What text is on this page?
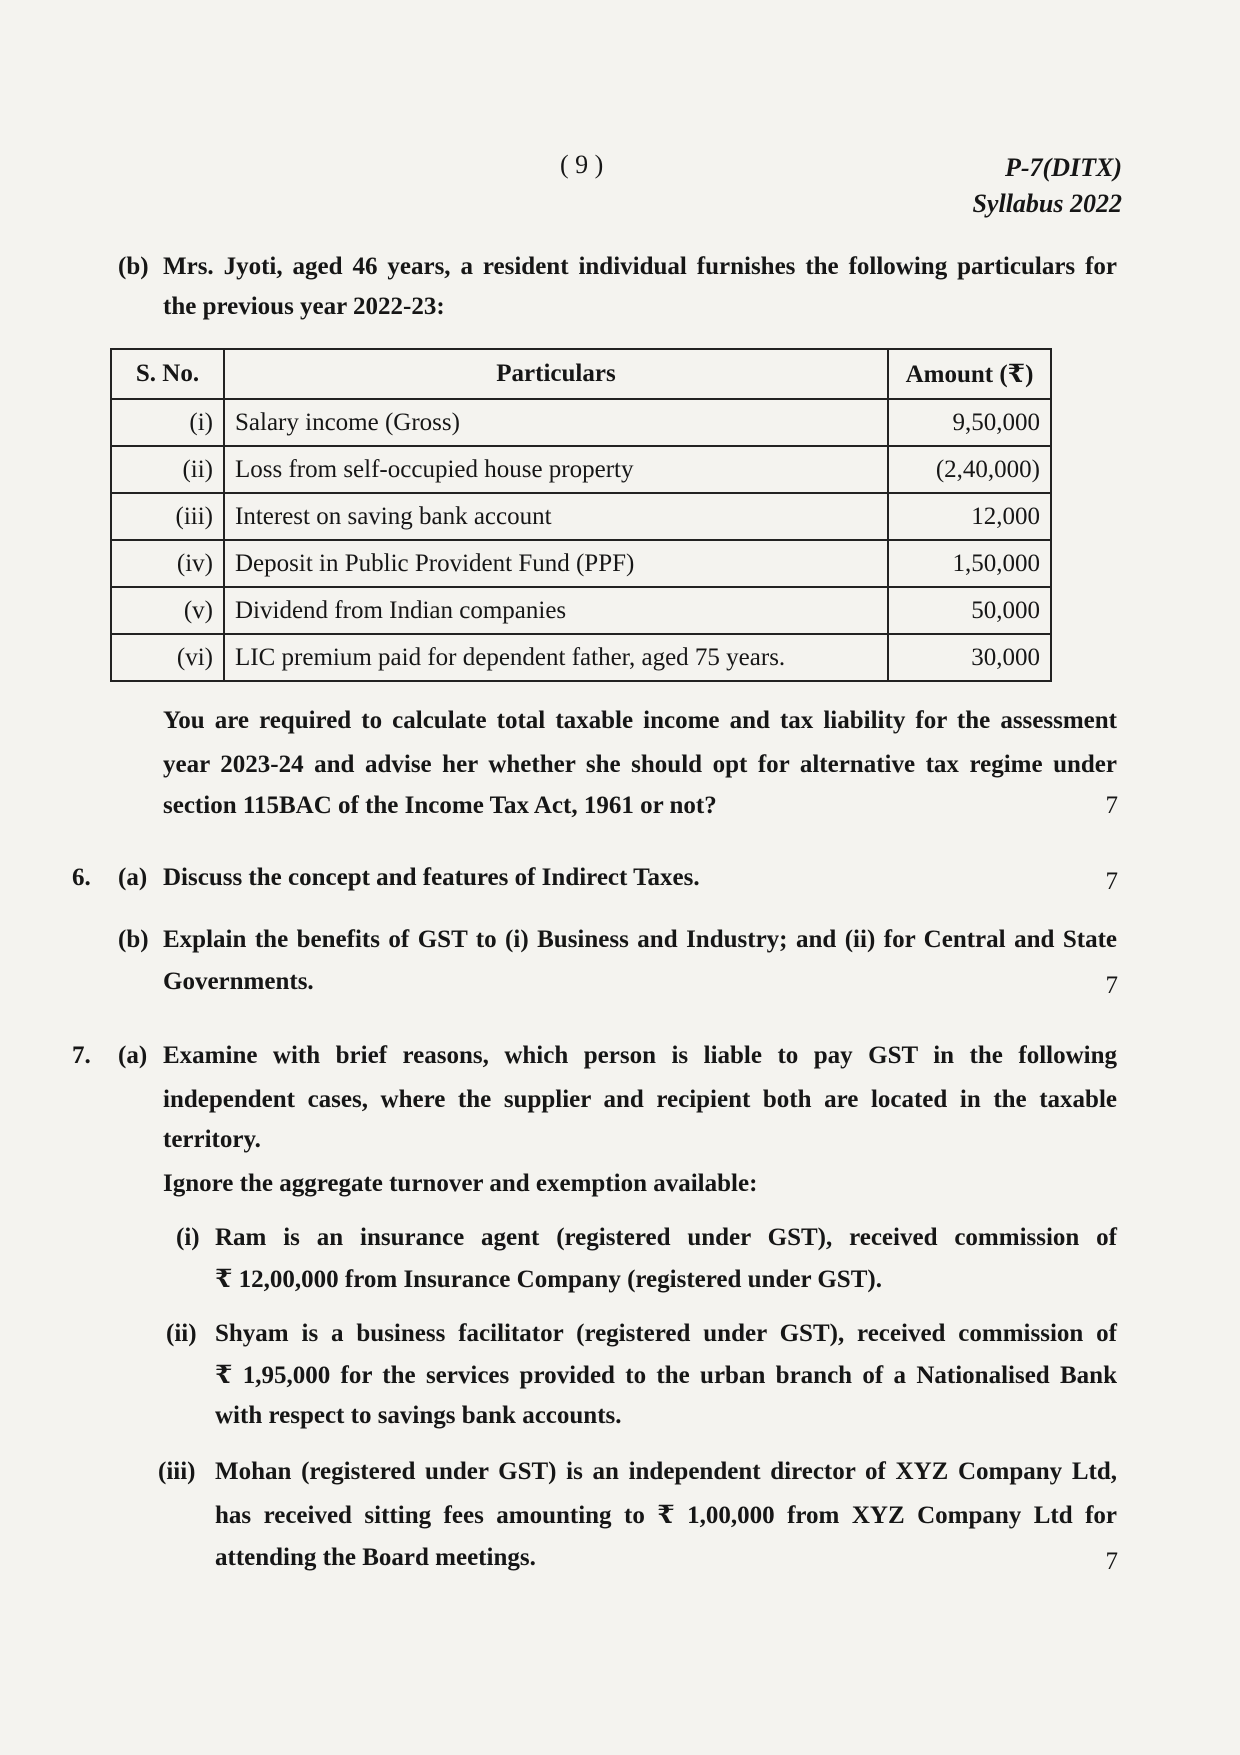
( 9 )	P-7(DITX)
Syllabus 2022
(b) Mrs. Jyoti, aged 46 years, a resident individual furnishes the following particulars for
the previous year 2022-23:
S. No.	Particulars	Amount (₹)
(i)	Salary income (Gross)	9,50,000
(ii)	Loss from self-occupied house property	(2,40,000)
(iii)	Interest on saving bank account	12,000
(iv)	Deposit in Public Provident Fund (PPF)	1,50,000
(v)	Dividend from Indian companies	50,000
(vi)	LIC premium paid for dependent father, aged 75 years.	30,000
You are required to calculate total taxable income and tax liability for the assessment
year 2023-24 and advise her whether she should opt for alternative tax regime under
section 115BAC of the Income Tax Act, 1961 or not?	7
6. (a) Discuss the concept and features of Indirect Taxes.	7
(b) Explain the benefits of GST to (i) Business and Industry; and (ii) for Central and State
Governments.	7
7. (a) Examine with brief reasons, which person is liable to pay GST in the following
independent cases, where the supplier and recipient both are located in the taxable
territory.
Ignore the aggregate turnover and exemption available:
(i) Ram is an insurance agent (registered under GST), received commission of
₹ 12,00,000 from Insurance Company (registered under GST).
(ii) Shyam is a business facilitator (registered under GST), received commission of
₹ 1,95,000 for the services provided to the urban branch of a Nationalised Bank
with respect to savings bank accounts.
(iii) Mohan (registered under GST) is an independent director of XYZ Company Ltd,
has received sitting fees amounting to ₹ 1,00,000 from XYZ Company Ltd for
attending the Board meetings.	7
